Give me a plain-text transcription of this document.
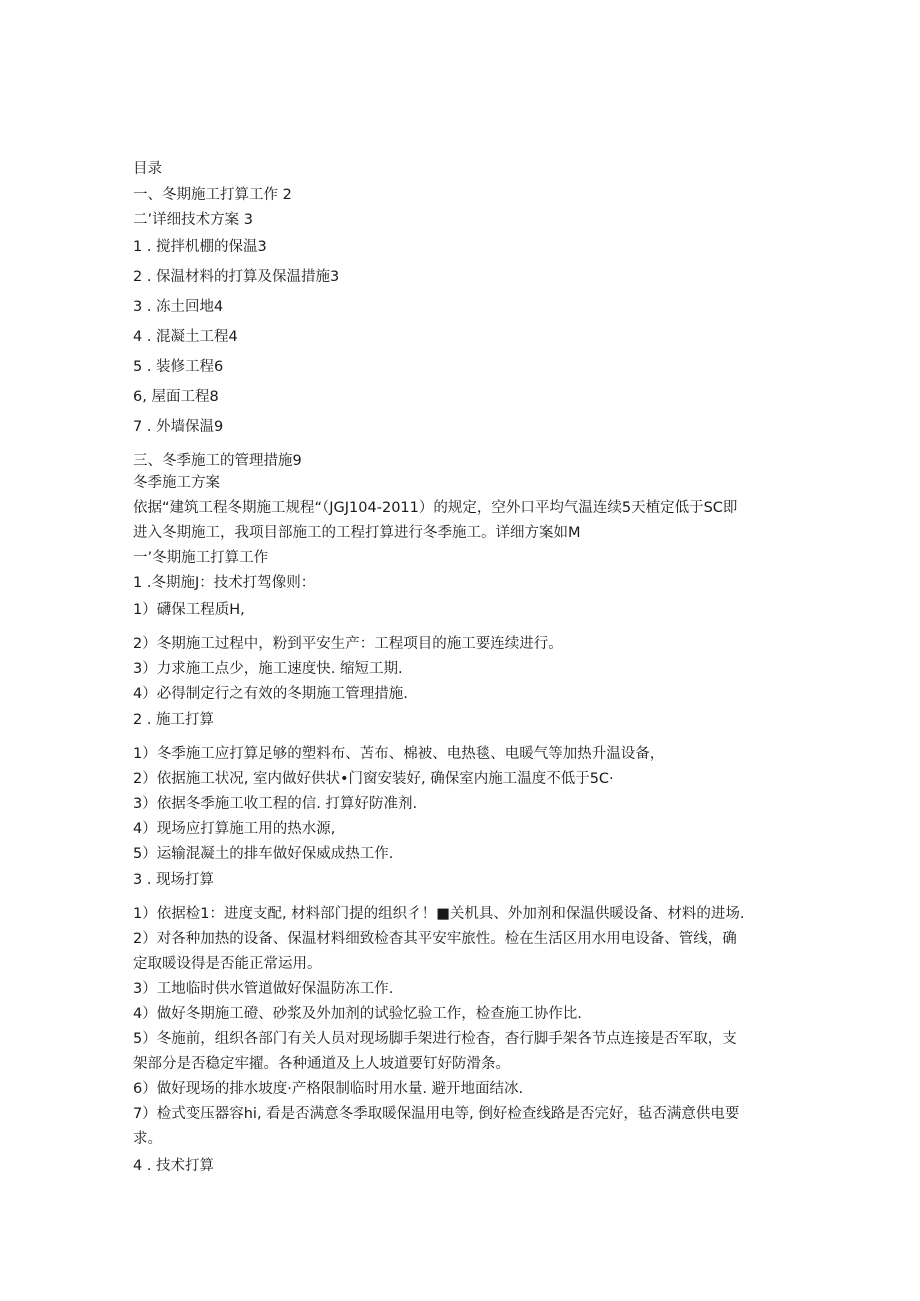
目录

一、冬期施工打算工作 2

二’详细技术方案 3

1 . 搅拌机棚的保温3

2 . 保温材料的打算及保温措施3

3 . 冻土回地4

4 . 混凝土工程4

5 . 装修工程6

6, 屋面工程8

7 . 外墙保温9

三、冬季施工的管理措施9

冬季施工方案

依据“建筑工程冬期施工规程“（JGJ104-2011）的规定，空外口平均气温连续5天植定低于SC即

进入冬期施工，我项目部施工的工程打算进行冬季施工。详细方案如M

一’冬期施工打算工作

1 .冬期施J：技术打驾像则：

1）礴保工程质H,

2）冬期施工过程中，粉到平安生产：工程项目的施工要连续进行。

3）力求施工点少，施工速度快. 缩短工期.

4）必得制定行之有效的冬期施工管理措施.

2 . 施工打算

1）冬季施工应打算足够的塑料布、苫布、棉被、电热毯、电暖气等加热升温设备，

2）依据施工状况, 室内做好供状•门窗安装好, 确保室内施工温度不低于5C·

3）依据冬季施工收工程的信. 打算好防准剂.

4）现场应打算施工用的热水源,

5）运输混凝土的排车做好保威成热工作.

3 . 现场打算

1）依据检1：进度支配, 材料部门提的组织彳！■关机具、外加剂和保温供暖设备、材料的进场.

2）对各种加热的设备、保温材料细致检杳其平安牢旅性。检在生活区用水用电设备、管线，确

定取暖设得是否能正常运用。

3）工地临时供水管道做好保温防冻工作.

4）做好冬期施工磴、砂浆及外加剂的试验忆验工作，检查施工协作比.

5）冬施前，组织各部门有关人员对现场脚手架进行检杳，杳行脚手架各节点连接是否军取，支

架部分是否稳定牢擢。各种通道及上人坡道要钉好防滑条。

6）做好现场的排水坡度·产格限制临时用水量. 避开地面结冰.

7）检式变压器容hi, 看是否满意冬季取暖保温用电等, 倒好检查线路是否完好，毡否满意供电要

求。

4 . 技术打算
